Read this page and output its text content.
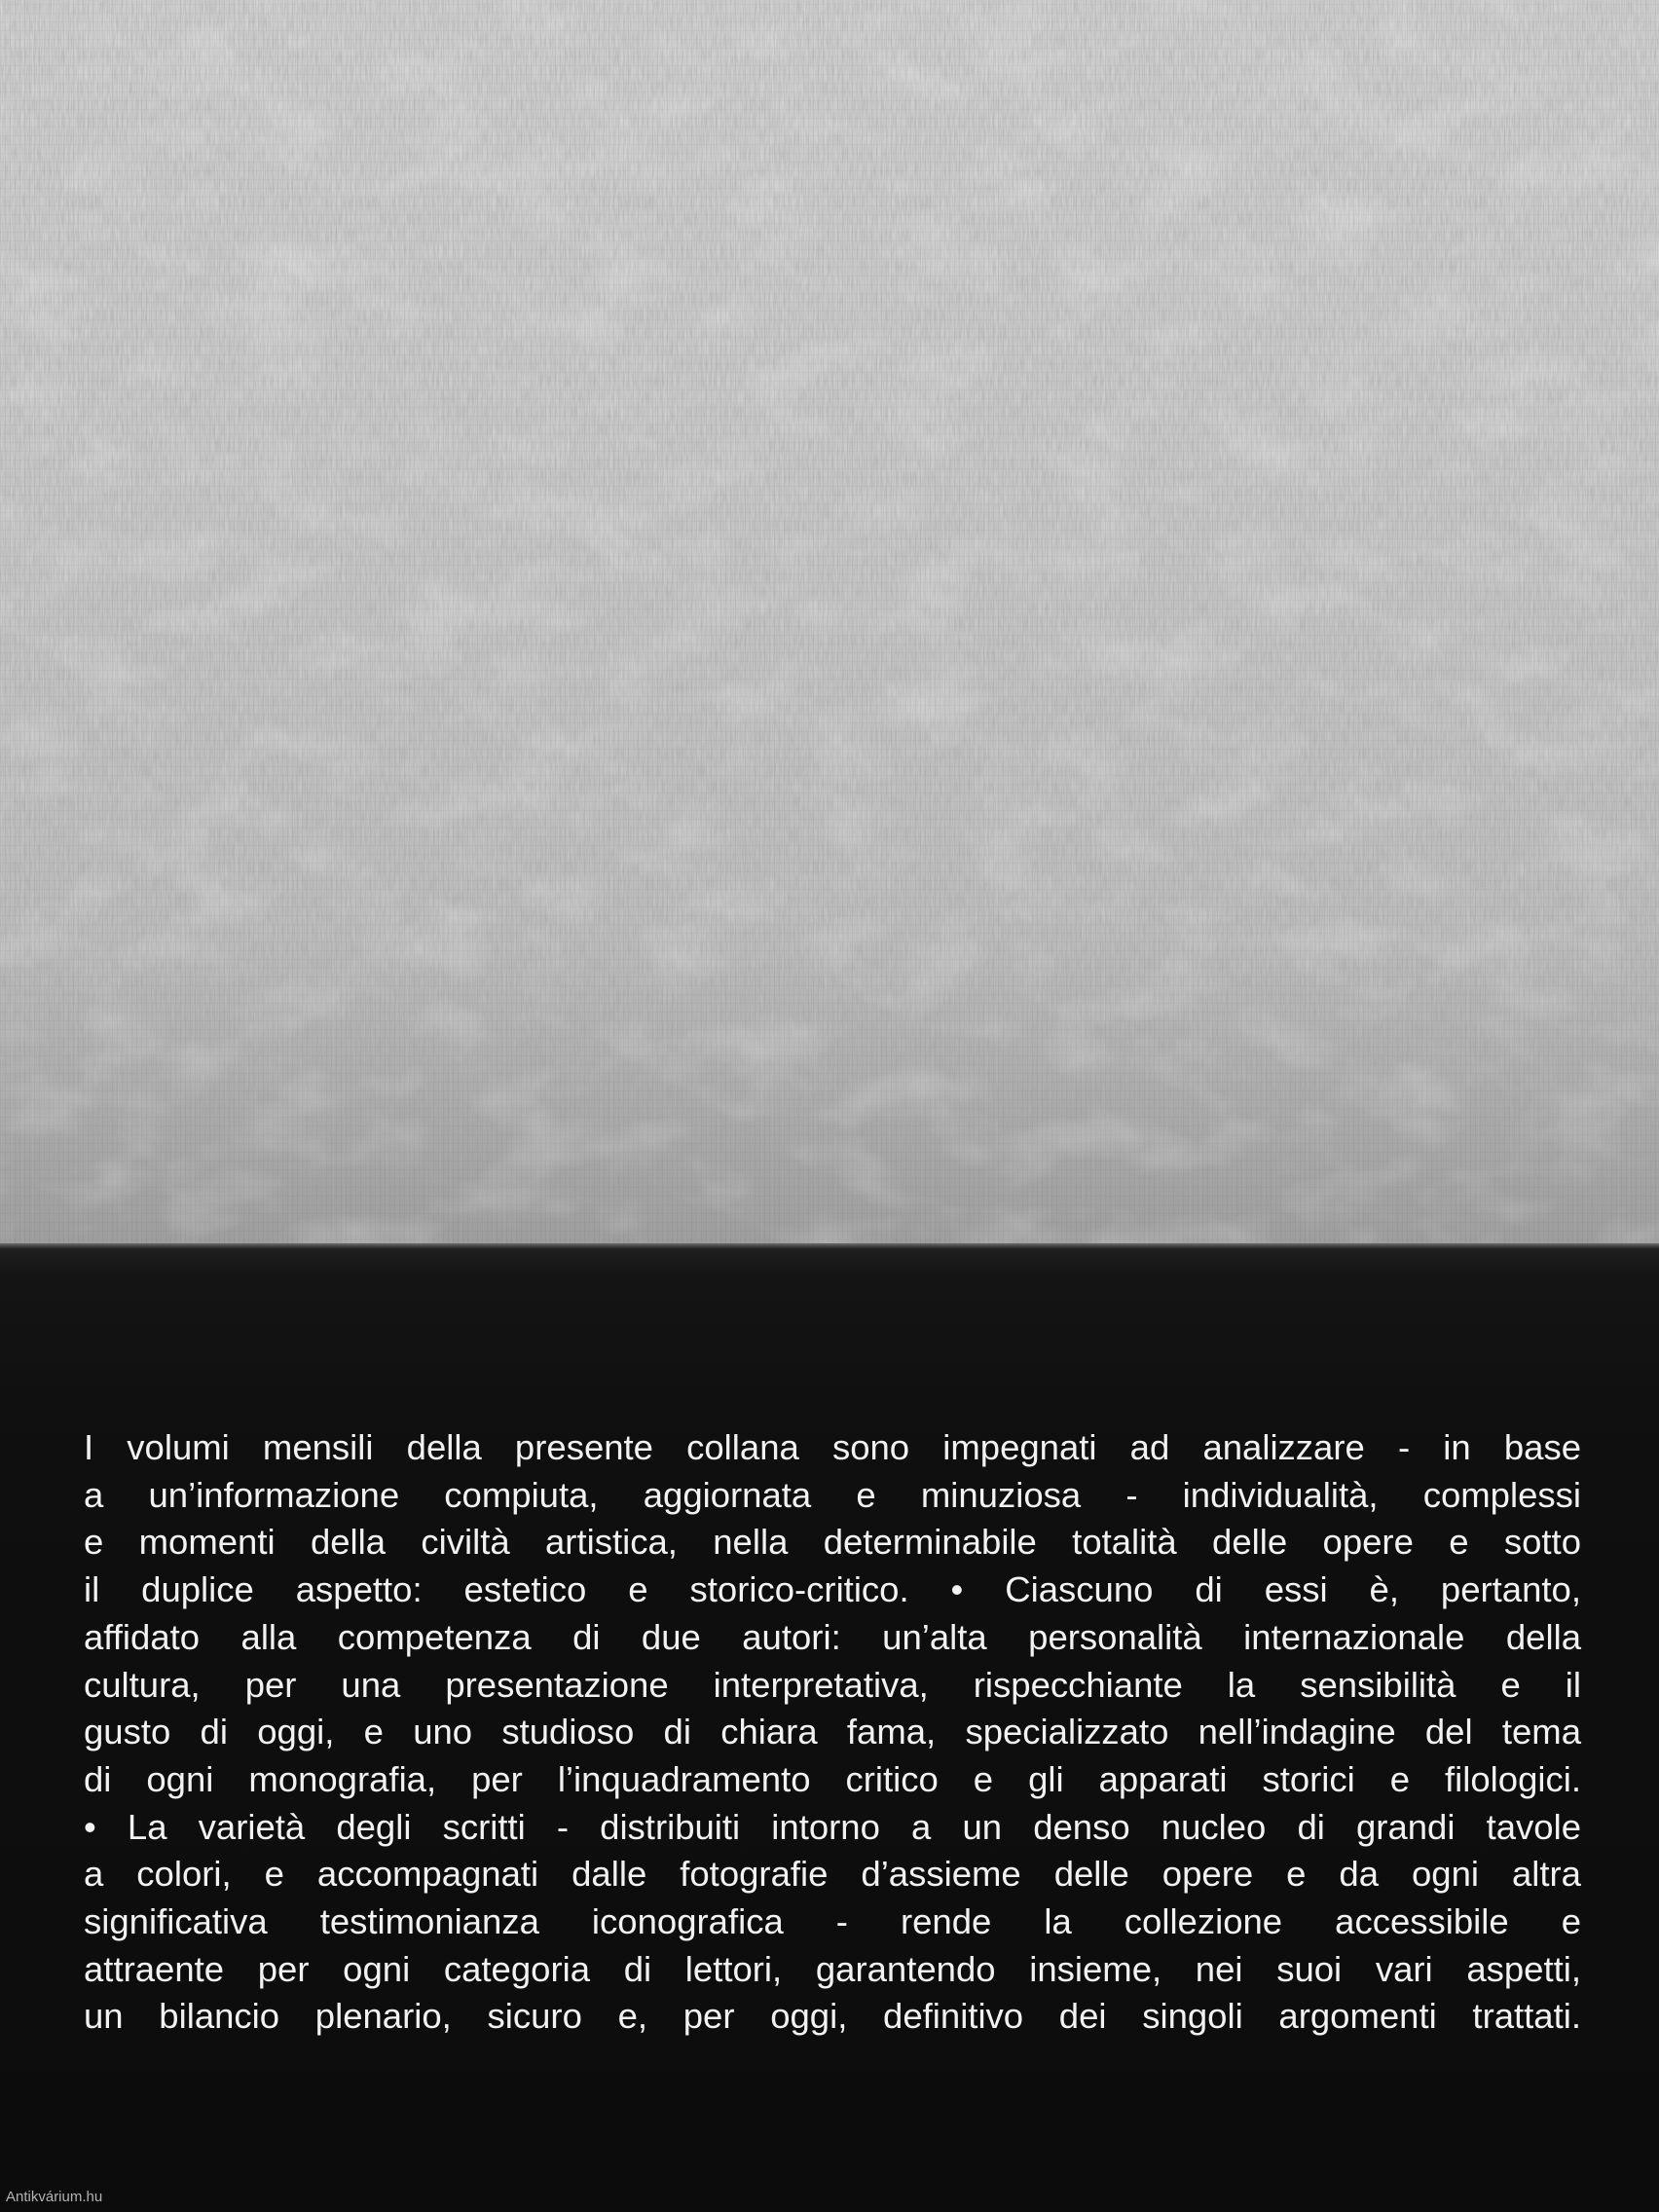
I volumi mensili della presente collana sono impegnati ad analizzare - in base
a un’informazione compiuta, aggiornata e minuziosa - individualità, complessi
e momenti della civiltà artistica, nella determinabile totalità delle opere e sotto
il duplice aspetto: estetico e storico-critico. • Ciascuno di essi è, pertanto,
affidato alla competenza di due autori: un’alta personalità internazionale della
cultura, per una presentazione interpretativa, rispecchiante la sensibilità e il
gusto di oggi, e uno studioso di chiara fama, specializzato nell’indagine del tema
di ogni monografia, per l’inquadramento critico e gli apparati storici e filologici.
• La varietà degli scritti - distribuiti intorno a un denso nucleo di grandi tavole
a colori, e accompagnati dalle fotografie d’assieme delle opere e da ogni altra
significativa testimonianza iconografica - rende la collezione accessibile e
attraente per ogni categoria di lettori, garantendo insieme, nei suoi vari aspetti,
un bilancio plenario, sicuro e, per oggi, definitivo dei singoli argomenti trattati.
Antikvárium.hu
